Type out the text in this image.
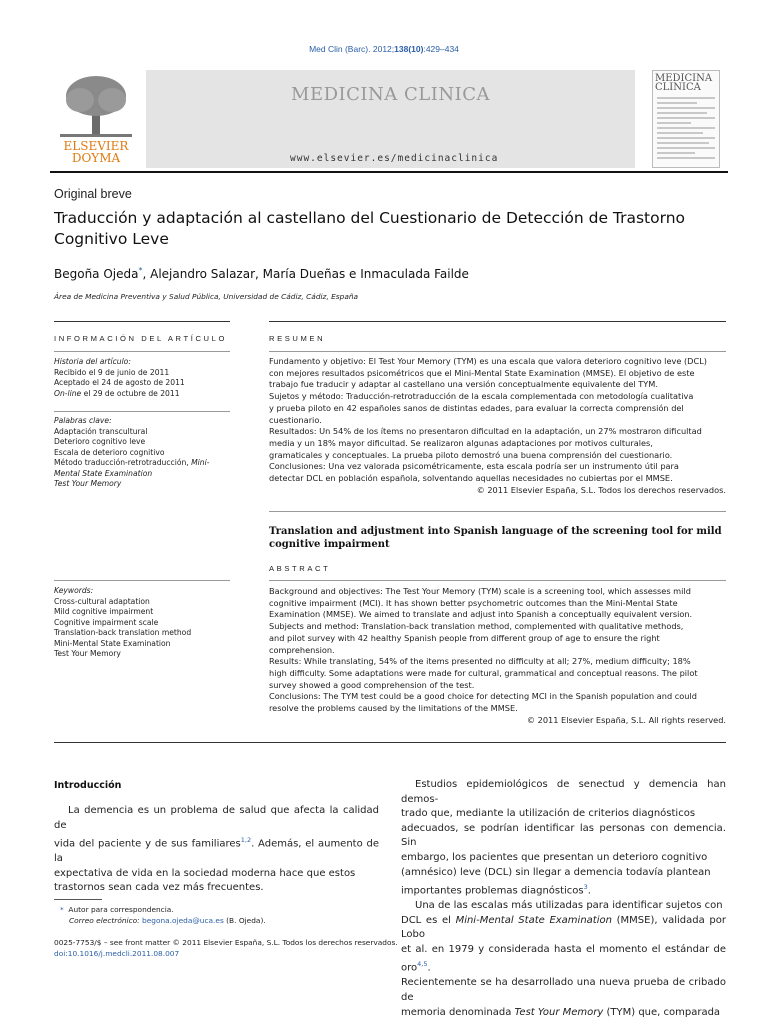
Med Clin (Barc). 2012;138(10):429–434
ELSEVIER
DOYMA
MEDICINA CLINICA
www.elsevier.es/medicinaclinica
MEDICINA
CLINICA
Original breve
Traducción y adaptación al castellano del Cuestionario de Detección de Trastorno
Cognitivo Leve
Begoña Ojeda*, Alejandro Salazar, María Dueñas e Inmaculada Failde
Área de Medicina Preventiva y Salud Pública, Universidad de Cádiz, Cádiz, España
INFORMACIÓN DEL ARTÍCULO	RESUMEN
Historia del artículo:
Recibido el 9 de junio de 2011
Aceptado el 24 de agosto de 2011
On-line el 29 de octubre de 2011
Palabras clave:
Adaptación transcultural
Deterioro cognitivo leve
Escala de deterioro cognitivo
Método traducción-retrotraducción, Mini-
Mental State Examination
Test Your Memory
Fundamento y objetivo: El Test Your Memory (TYM) es una escala que valora deterioro cognitivo leve (DCL)
con mejores resultados psicométricos que el Mini-Mental State Examination (MMSE). El objetivo de este
trabajo fue traducir y adaptar al castellano una versión conceptualmente equivalente del TYM.
Sujetos y método: Traducción-retrotraducción de la escala complementada con metodología cualitativa
y prueba piloto en 42 españoles sanos de distintas edades, para evaluar la correcta comprensión del
cuestionario.
Resultados: Un 54% de los ítems no presentaron dificultad en la adaptación, un 27% mostraron dificultad
media y un 18% mayor dificultad. Se realizaron algunas adaptaciones por motivos culturales,
gramaticales y conceptuales. La prueba piloto demostró una buena comprensión del cuestionario.
Conclusiones: Una vez valorada psicométricamente, esta escala podría ser un instrumento útil para
detectar DCL en población española, solventando aquellas necesidades no cubiertas por el MMSE.
© 2011 Elsevier España, S.L. Todos los derechos reservados.
Translation and adjustment into Spanish language of the screening tool for mild
cognitive impairment
ABSTRACT
Keywords:
Cross-cultural adaptation
Mild cognitive impairment
Cognitive impairment scale
Translation-back translation method
Mini-Mental State Examination
Test Your Memory
Background and objectives: The Test Your Memory (TYM) scale is a screening tool, which assesses mild
cognitive impairment (MCI). It has shown better psychometric outcomes than the Mini-Mental State
Examination (MMSE). We aimed to translate and adjust into Spanish a conceptually equivalent version.
Subjects and method: Translation-back translation method, complemented with qualitative methods,
and pilot survey with 42 healthy Spanish people from different group of age to ensure the right
comprehension.
Results: While translating, 54% of the items presented no difficulty at all; 27%, medium difficulty; 18%
high difficulty. Some adaptations were made for cultural, grammatical and conceptual reasons. The pilot
survey showed a good comprehension of the test.
Conclusions: The TYM test could be a good choice for detecting MCI in the Spanish population and could
resolve the problems caused by the limitations of the MMSE.
© 2011 Elsevier España, S.L. All rights reserved.
Introducción
La demencia es un problema de salud que afecta la calidad de
vida del paciente y de sus familiares$^{1,2}$. Además, el aumento de la
expectativa de vida en la sociedad moderna hace que estos
trastornos sean cada vez más frecuentes.
Estudios epidemiológicos de senectud y demencia han demos-
trado que, mediante la utilización de criterios diagnósticos
adecuados, se podrían identificar las personas con demencia. Sin
embargo, los pacientes que presentan un deterioro cognitivo
(amnésico) leve (DCL) sin llegar a demencia todavía plantean
importantes problemas diagnósticos$^3$.
Una de las escalas más utilizadas para identificar sujetos con
DCL es el Mini-Mental State Examination (MMSE), validada por Lobo
et al. en 1979 y considerada hasta el momento el estándar de oro$^{4,5}$.
Recientemente se ha desarrollado una nueva prueba de cribado de
memoria denominada Test Your Memory (TYM) que, comparada
* Autor para correspondencia.
Correo electrónico: begona.ojeda@uca.es (B. Ojeda).
0025-7753/$ – see front matter © 2011 Elsevier España, S.L. Todos los derechos reservados.
doi:10.1016/j.medcli.2011.08.007
